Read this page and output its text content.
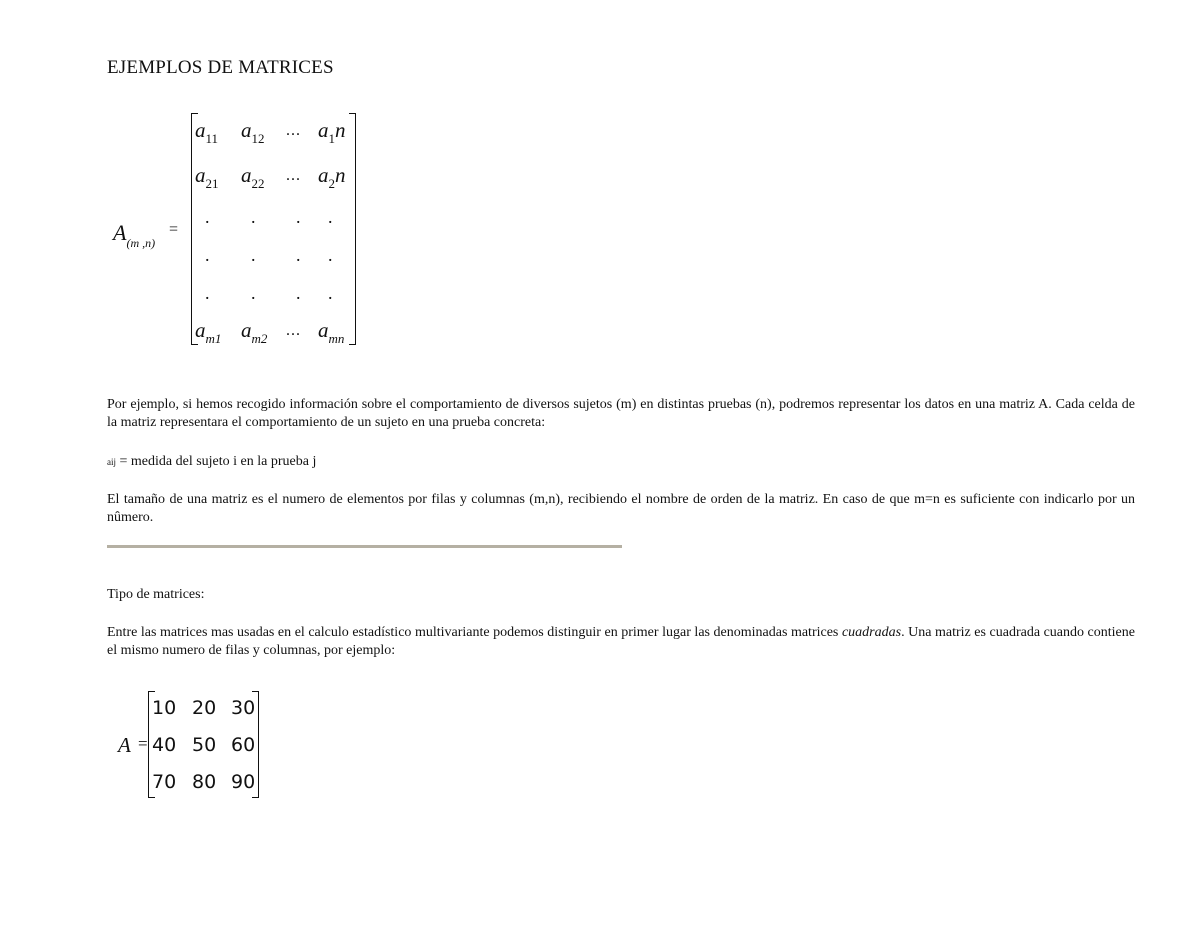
EJEMPLOS DE MATRICES
$A_{(m ,n)}$
=
$a_{11}$ $a_{12}$ ... $a_1n$
$a_{21}$ $a_{22}$ ... $a_2n$
. . . .
. . . .
. . . .
$a_{m1}$ $a_{m2}$ ... $a_{mn}$
Por ejemplo, si hemos recogido información sobre el comportamiento de diversos sujetos (m) en distintas pruebas (n), podremos representar los datos en una matriz A. Cada celda de la matriz representara el comportamiento de un sujeto en una prueba concreta:
aij = medida del sujeto i en la prueba j
El tamaño de una matriz es el numero de elementos por filas y columnas (m,n), recibiendo el nombre de orden de la matriz. En caso de que m=n es suficiente con indicarlo por un nûmero.
Tipo de matrices:
Entre las matrices mas usadas en el calculo estadístico multivariante podemos distinguir en primer lugar las denominadas matrices cuadradas. Una matriz es cuadrada cuando contiene el mismo numero de filas y columnas, por ejemplo:
A =
10 20 30
40 50 60
70 80 90
